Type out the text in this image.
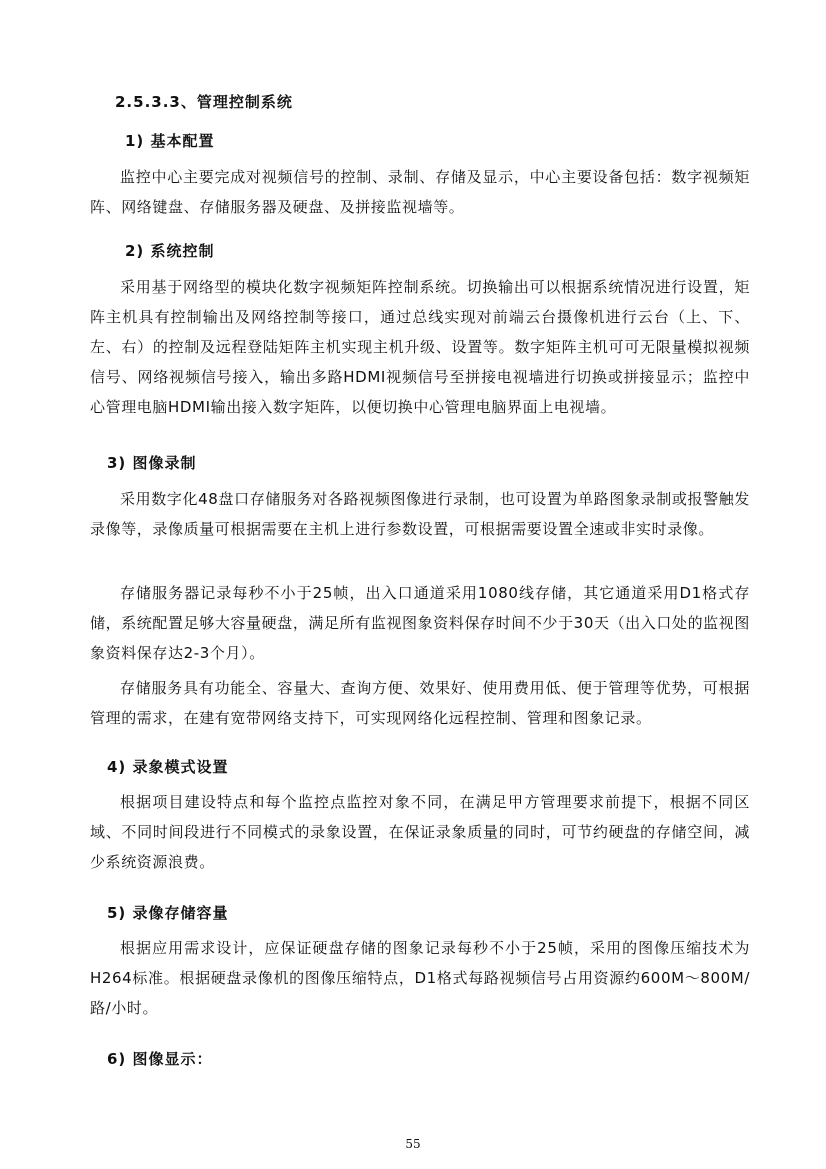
2.5.3.3、管理控制系统
1) 基本配置
监控中心主要完成对视频信号的控制、录制、存储及显示，中心主要设备包括：数字视频矩阵、网络键盘、存储服务器及硬盘、及拼接监视墙等。
2) 系统控制
采用基于网络型的模块化数字视频矩阵控制系统。切换输出可以根据系统情况进行设置，矩阵主机具有控制输出及网络控制等接口，通过总线实现对前端云台摄像机进行云台（上、下、左、右）的控制及远程登陆矩阵主机实现主机升级、设置等。数字矩阵主机可可无限量模拟视频信号、网络视频信号接入，输出多路HDMI视频信号至拼接电视墙进行切换或拼接显示；监控中心管理电脑HDMI输出接入数字矩阵，以便切换中心管理电脑界面上电视墙。
3) 图像录制
采用数字化48盘口存储服务对各路视频图像进行录制，也可设置为单路图象录制或报警触发录像等，录像质量可根据需要在主机上进行参数设置，可根据需要设置全速或非实时录像。
存储服务器记录每秒不小于25帧，出入口通道采用1080线存储，其它通道采用D1格式存储，系统配置足够大容量硬盘，满足所有监视图象资料保存时间不少于30天（出入口处的监视图象资料保存达2-3个月）。
存储服务具有功能全、容量大、查询方便、效果好、使用费用低、便于管理等优势，可根据管理的需求，在建有宽带网络支持下，可实现网络化远程控制、管理和图象记录。
4) 录象模式设置
根据项目建设特点和每个监控点监控对象不同，在满足甲方管理要求前提下，根据不同区域、不同时间段进行不同模式的录象设置，在保证录象质量的同时，可节约硬盘的存储空间，减少系统资源浪费。
5) 录像存储容量
根据应用需求设计，应保证硬盘存储的图象记录每秒不小于25帧，采用的图像压缩技术为H264标准。根据硬盘录像机的图像压缩特点，D1格式每路视频信号占用资源约600M～800M/路/小时。
6) 图像显示：
55
